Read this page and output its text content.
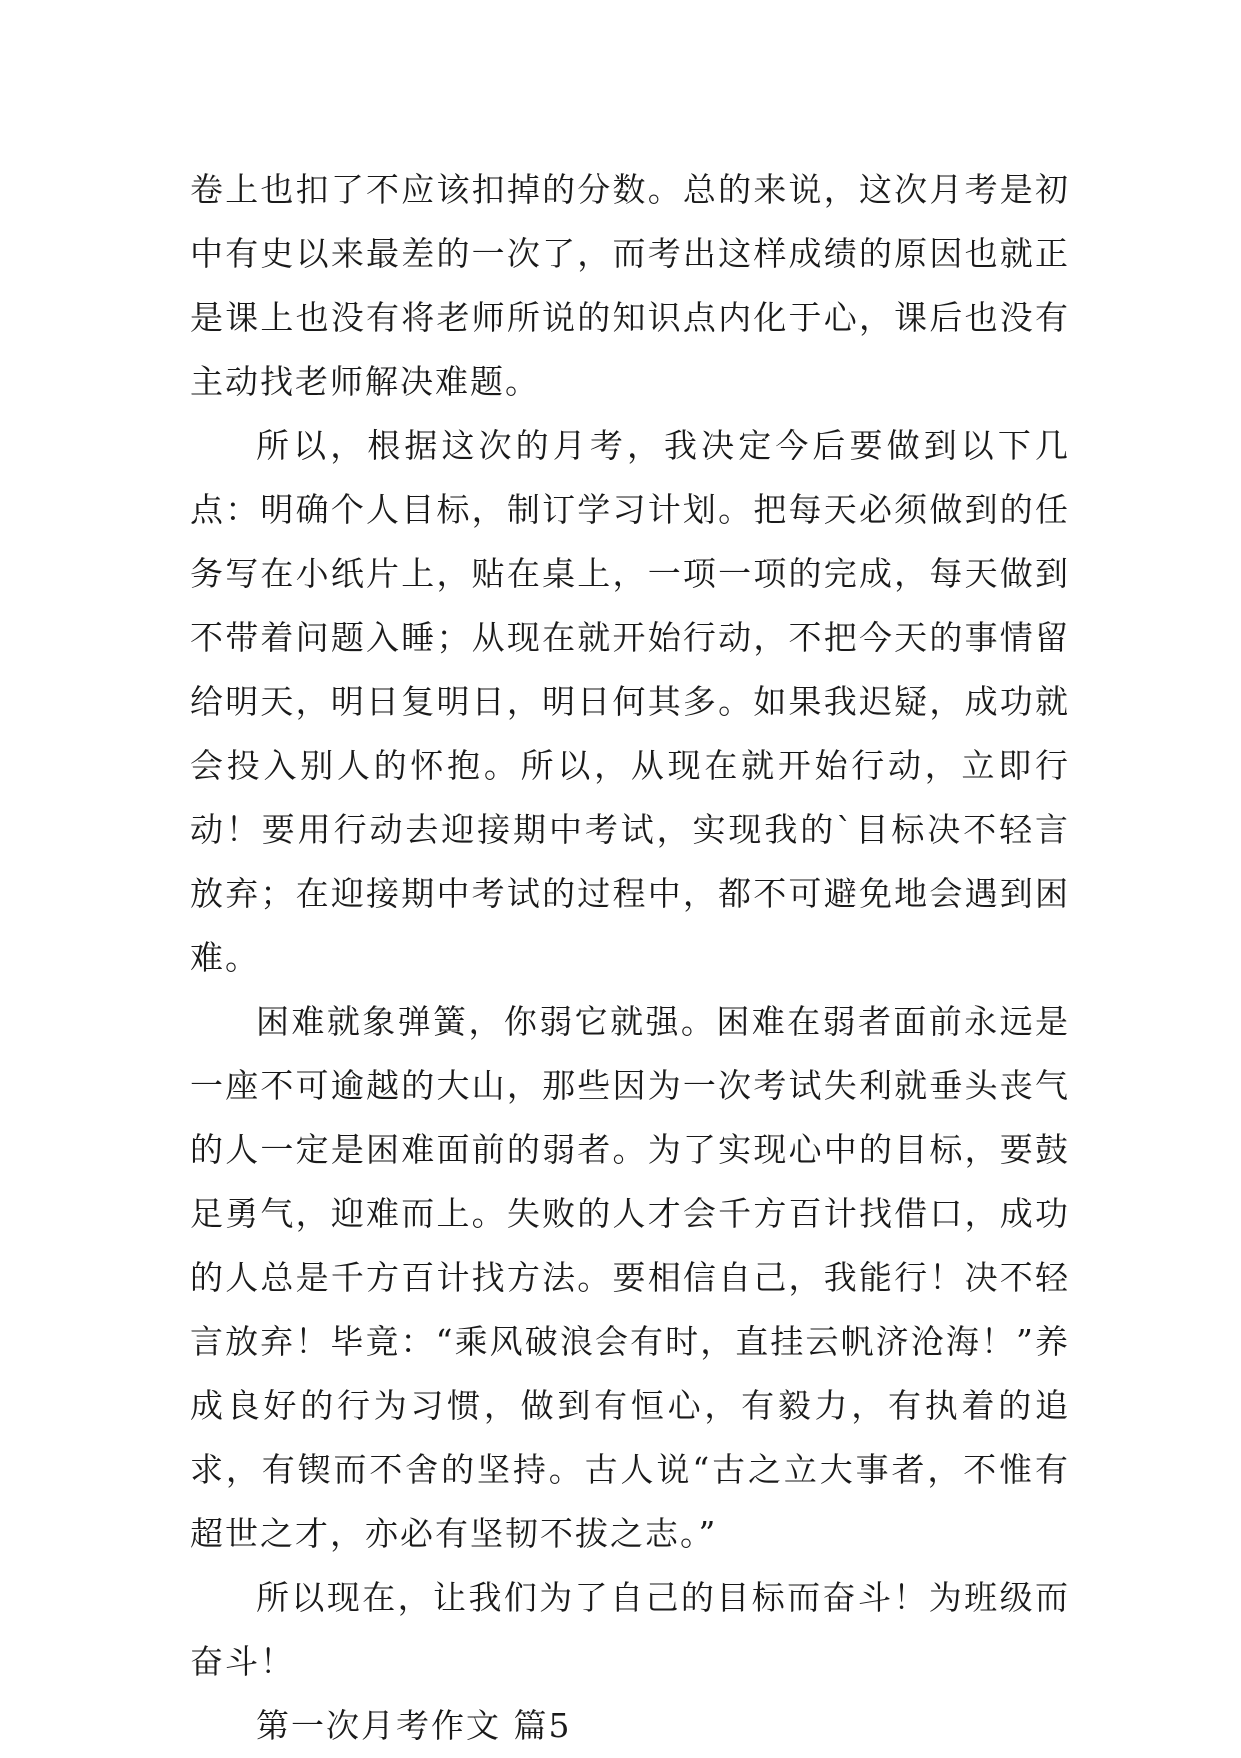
卷上也扣了不应该扣掉的分数。总的来说，这次月考是初中有史以来最差的一次了，而考出这样成绩的原因也就正是课上也没有将老师所说的知识点内化于心，课后也没有主动找老师解决难题。

所以，根据这次的月考，我决定今后要做到以下几点：明确个人目标，制订学习计划。把每天必须做到的任务写在小纸片上，贴在桌上，一项一项的完成，每天做到不带着问题入睡；从现在就开始行动，不把今天的事情留给明天，明日复明日，明日何其多。如果我迟疑，成功就会投入别人的怀抱。所以，从现在就开始行动，立即行动！要用行动去迎接期中考试，实现我的`目标决不轻言放弃；在迎接期中考试的过程中，都不可避免地会遇到困难。

困难就象弹簧，你弱它就强。困难在弱者面前永远是一座不可逾越的大山，那些因为一次考试失利就垂头丧气的人一定是困难面前的弱者。为了实现心中的目标，要鼓足勇气，迎难而上。失败的人才会千方百计找借口，成功的人总是千方百计找方法。要相信自己，我能行！决不轻言放弃！毕竟：“乘风破浪会有时，直挂云帆济沧海！”养成良好的行为习惯，做到有恒心，有毅力，有执着的追求，有锲而不舍的坚持。古人说“古之立大事者，不惟有超世之才，亦必有坚韧不拔之志。”

所以现在，让我们为了自己的目标而奋斗！为班级而奋斗！

第一次月考作文 篇5
